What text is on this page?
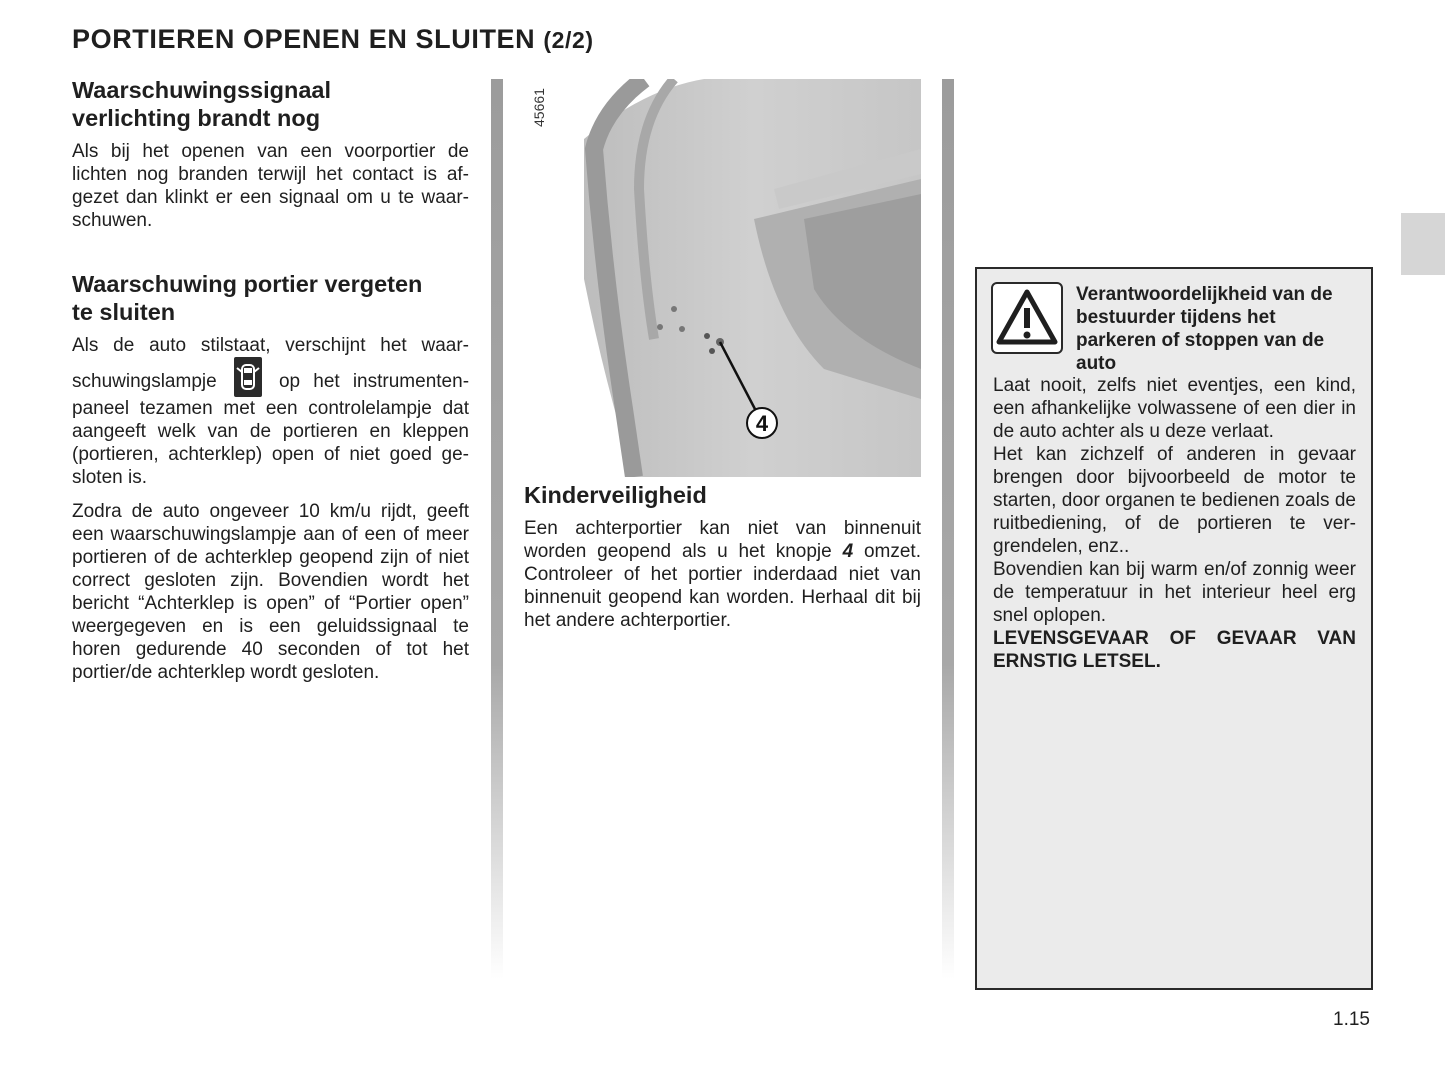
PORTIEREN OPENEN EN SLUITEN (2/2)
Waarschuwingssignaal
verlichting brandt nog

Als bij het openen van een voorportier de lichten nog branden terwijl het contact is afgezet dan klinkt er een signaal om u te waarschuwen.

Waarschuwing portier vergeten
te sluiten

Als de auto stilstaat, verschijnt het waarschuwingslampje	op het instrumentenpaneel tezamen met een controlelampje dat aangeeft welk van de portieren en kleppen (portieren, achterklep) open of niet goed gesloten is.

Zodra de auto ongeveer 10 km/u rijdt, geeft een waarschuwingslampje aan of een of meer portieren of de achterklep geopend zijn of niet correct gesloten zijn. Bovendien wordt het bericht “Achterklep is open” of “Portier open” weergegeven en is een geluidssignaal te horen gedurende 40 seconden of tot het portier/de achterklep wordt gesloten.

4
45661
Kinderveiligheid

Een achterportier kan niet van binnenuit worden geopend als u het knopje 4 omzet. Controleer of het portier inderdaad niet van binnenuit geopend kan worden. Herhaal dit bij het andere achterportier.

Verantwoordelijkheid van de bestuurder tijdens het parkeren of stoppen van de auto

Laat nooit, zelfs niet eventjes, een kind, een afhankelijke volwassene of een dier in de auto achter als u deze verlaat.

Het kan zichzelf of anderen in gevaar brengen door bijvoorbeeld de motor te starten, door organen te bedienen zoals de ruitbediening, of de portieren te vergrendelen, enz..

Bovendien kan bij warm en/of zonnig weer de temperatuur in het interieur heel erg snel oplopen.

LEVENSGEVAAR OF GEVAAR VAN ERNSTIG LETSEL.

1.15
